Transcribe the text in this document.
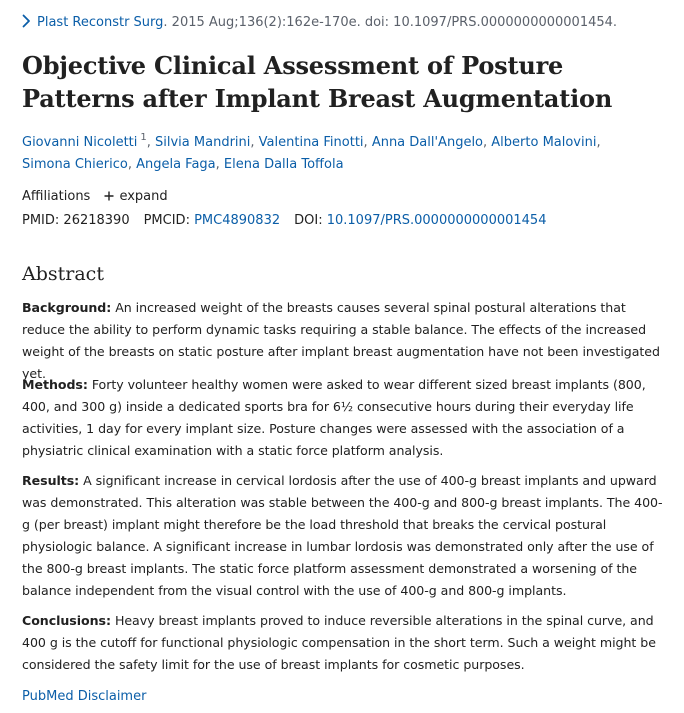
Plast Reconstr Surg. 2015 Aug;136(2):162e-170e. doi: 10.1097/PRS.0000000000001454.
Objective Clinical Assessment of Posture Patterns after Implant Breast Augmentation
Giovanni Nicoletti $^1$, Silvia Mandrini, Valentina Finotti, Anna Dall'Angelo, Alberto Malovini,
Simona Chierico, Angela Faga, Elena Dalla Toffola
Affiliations expand
PMID: 26218390 PMCID: PMC4890832 DOI: 10.1097/PRS.0000000000001454
Abstract

Background: An increased weight of the breasts causes several spinal postural alterations that reduce the ability to perform dynamic tasks requiring a stable balance. The effects of the increased weight of the breasts on static posture after implant breast augmentation have not been investigated yet.

Methods: Forty volunteer healthy women were asked to wear different sized breast implants (800, 400, and 300 g) inside a dedicated sports bra for 6½ consecutive hours during their everyday life activities, 1 day for every implant size. Posture changes were assessed with the association of a physiatric clinical examination with a static force platform analysis.

Results: A significant increase in cervical lordosis after the use of 400-g breast implants and upward was demonstrated. This alteration was stable between the 400-g and 800-g breast implants. The 400-g (per breast) implant might therefore be the load threshold that breaks the cervical postural physiologic balance. A significant increase in lumbar lordosis was demonstrated only after the use of the 800-g breast implants. The static force platform assessment demonstrated a worsening of the balance independent from the visual control with the use of 400-g and 800-g implants.

Conclusions: Heavy breast implants proved to induce reversible alterations in the spinal curve, and 400 g is the cutoff for functional physiologic compensation in the short term. Such a weight might be considered the safety limit for the use of breast implants for cosmetic purposes.

PubMed Disclaimer
